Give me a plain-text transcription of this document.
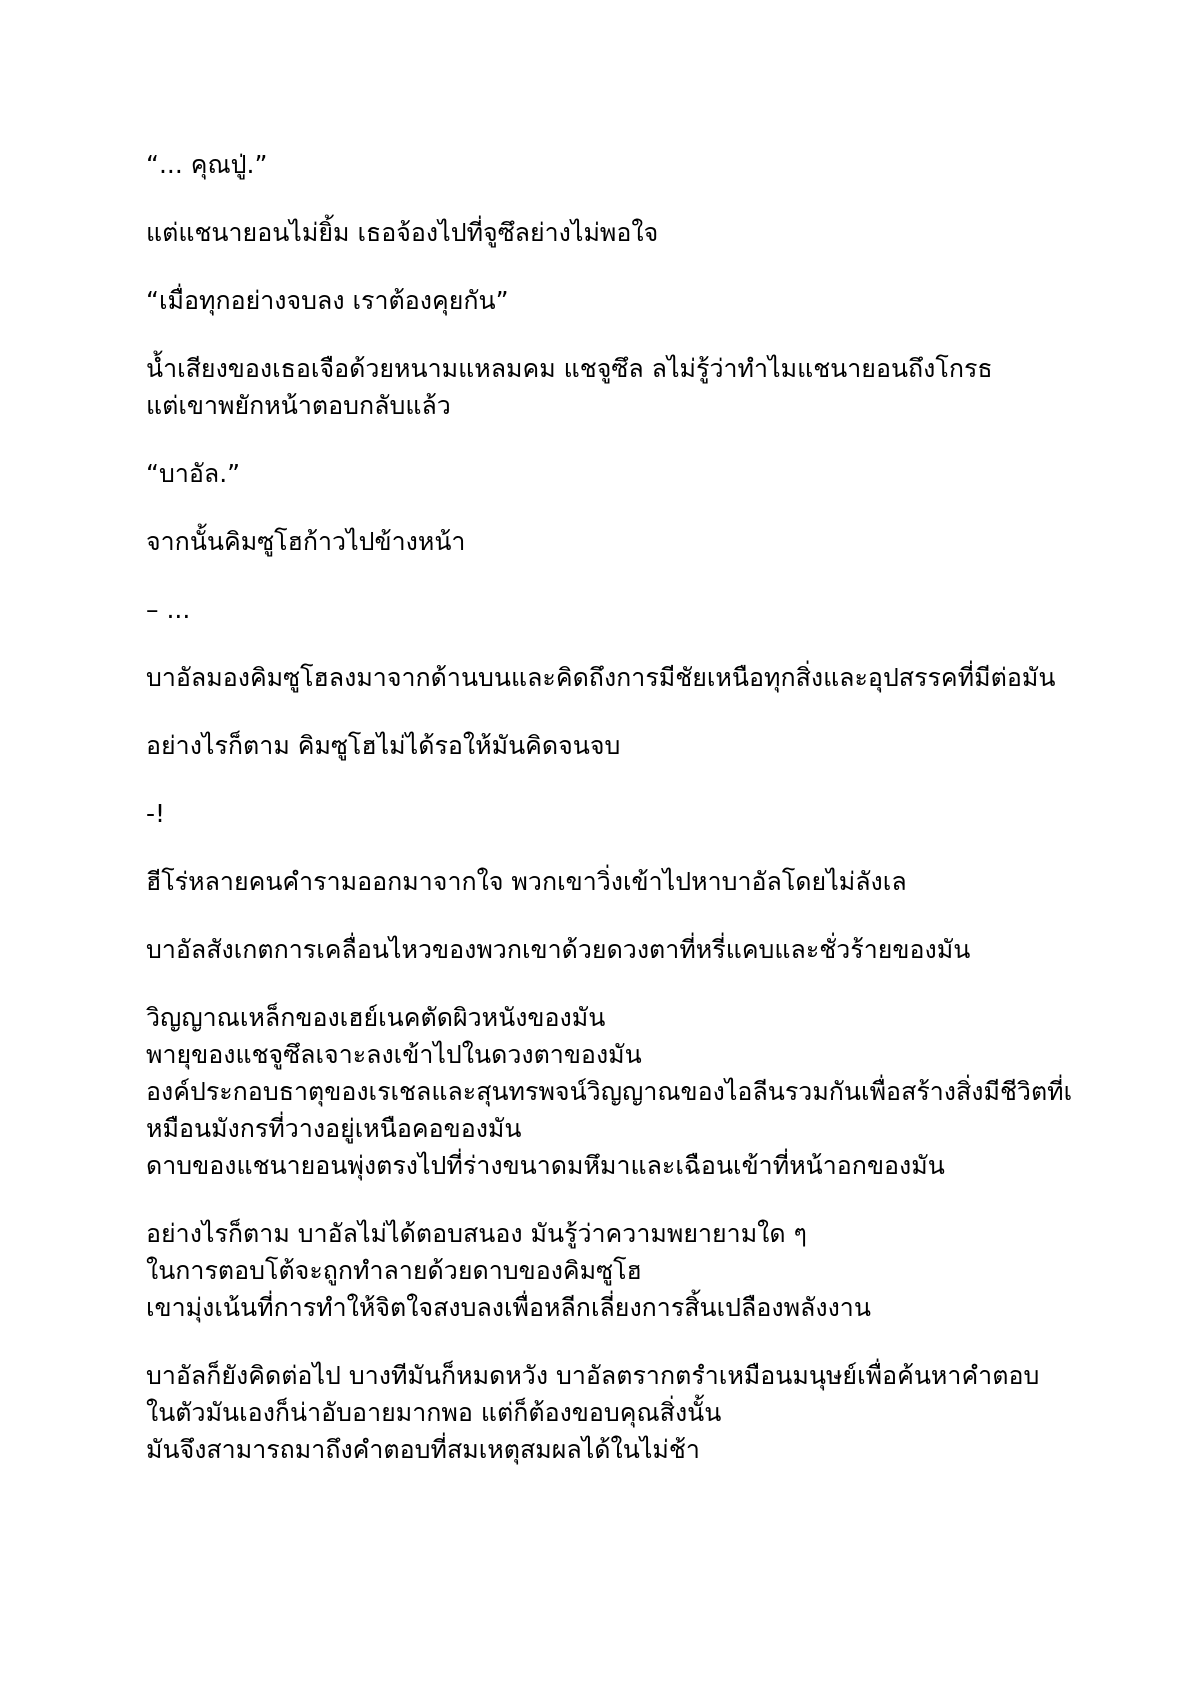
“... คุณปู่.”

แต่แชนายอนไม่ยิ้ม เธอจ้องไปที่จูซึลย่างไม่พอใจ

“เมื่อทุกอย่างจบลง เราต้องคุยกัน”

น้ำเสียงของเธอเจือด้วยหนามแหลมคม แชจูซึล ลไม่รู้ว่าทำไมแชนายอนถึงโกรธ
แต่เขาพยักหน้าตอบกลับแล้ว

“บาอัล.”

จากนั้นคิมซูโฮก้าวไปข้างหน้า

– ...

บาอัลมองคิมซูโฮลงมาจากด้านบนและคิดถึงการมีชัยเหนือทุกสิ่งและอุปสรรคที่มีต่อมัน

อย่างไรก็ตาม คิมซูโฮไม่ได้รอให้มันคิดจนจบ

-!

ฮีโร่หลายคนคำรามออกมาจากใจ พวกเขาวิ่งเข้าไปหาบาอัลโดยไม่ลังเล

บาอัลสังเกตการเคลื่อนไหวของพวกเขาด้วยดวงตาที่หรี่แคบและชั่วร้ายของมัน

วิญญาณเหล็กของเฮย์เนคตัดผิวหนังของมัน
พายุของแชจูซึลเจาะลงเข้าไปในดวงตาของมัน
องค์ประกอบธาตุของเรเชลและสุนทรพจน์วิญญาณของไอลีนรวมกันเพื่อสร้างสิ่งมีชีวิตที่เ
หมือนมังกรที่วางอยู่เหนือคอของมัน
ดาบของแชนายอนพุ่งตรงไปที่ร่างขนาดมหึมาและเฉือนเข้าที่หน้าอกของมัน

อย่างไรก็ตาม บาอัลไม่ได้ตอบสนอง มันรู้ว่าความพยายามใด ๆ
ในการตอบโต้จะถูกทำลายด้วยดาบของคิมซูโฮ
เขามุ่งเน้นที่การทำให้จิตใจสงบลงเพื่อหลีกเลี่ยงการสิ้นเปลืองพลังงาน

บาอัลก็ยังคิดต่อไป บางทีมันก็หมดหวัง บาอัลตรากตรำเหมือนมนุษย์เพื่อค้นหาคำตอบ
ในตัวมันเองก็น่าอับอายมากพอ แต่ก็ต้องขอบคุณสิ่งนั้น
มันจึงสามารถมาถึงคำตอบที่สมเหตุสมผลได้ในไม่ช้า
